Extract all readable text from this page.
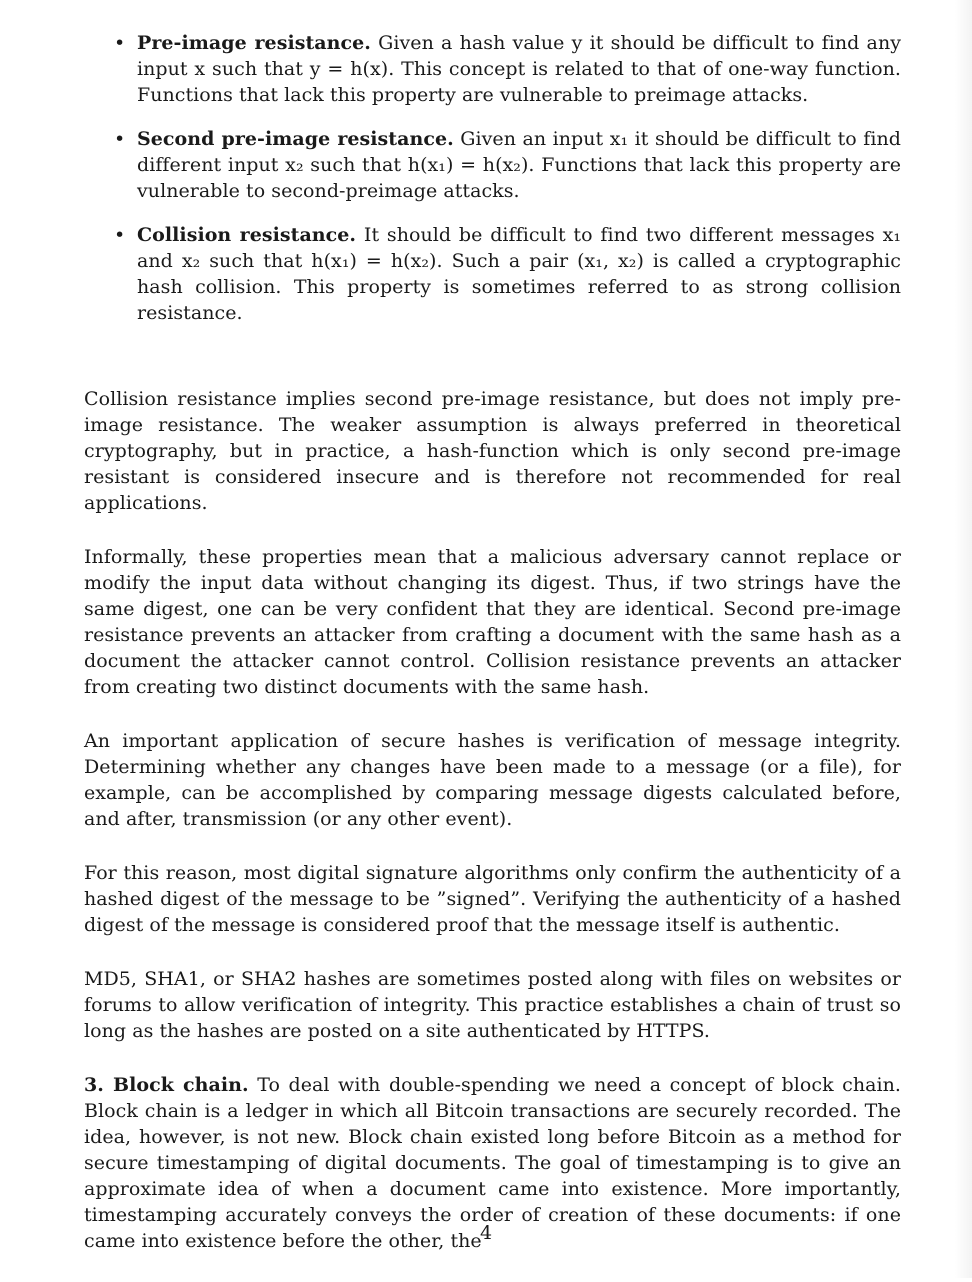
• Pre-image resistance. Given a hash value y it should be difficult to find any input x such that y = h(x). This concept is related to that of one-way function. Functions that lack this property are vulnerable to preimage attacks.
• Second pre-image resistance. Given an input x₁ it should be difficult to find different input x₂ such that h(x₁) = h(x₂). Functions that lack this property are vulnerable to second-preimage attacks.
• Collision resistance. It should be difficult to find two different messages x₁ and x₂ such that h(x₁) = h(x₂). Such a pair (x₁, x₂) is called a cryptographic hash collision. This property is sometimes referred to as strong collision resistance.

Collision resistance implies second pre-image resistance, but does not imply pre-image resistance. The weaker assumption is always preferred in theoretical cryptography, but in practice, a hash-function which is only second pre-image resistant is considered insecure and is therefore not recommended for real applications.

Informally, these properties mean that a malicious adversary cannot replace or modify the input data without changing its digest. Thus, if two strings have the same digest, one can be very confident that they are identical. Second pre-image resistance prevents an attacker from crafting a document with the same hash as a document the attacker cannot control. Collision resistance prevents an attacker from creating two distinct documents with the same hash.

An important application of secure hashes is verification of message integrity. Determining whether any changes have been made to a message (or a file), for example, can be accomplished by comparing message digests calculated before, and after, transmission (or any other event).

For this reason, most digital signature algorithms only confirm the authenticity of a hashed digest of the message to be ”signed”. Verifying the authenticity of a hashed digest of the message is considered proof that the message itself is authentic.

MD5, SHA1, or SHA2 hashes are sometimes posted along with files on websites or forums to allow verification of integrity. This practice establishes a chain of trust so long as the hashes are posted on a site authenticated by HTTPS.

3. Block chain. To deal with double-spending we need a concept of block chain. Block chain is a ledger in which all Bitcoin transactions are securely recorded. The idea, however, is not new. Block chain existed long before Bitcoin as a method for secure timestamping of digital documents. The goal of timestamping is to give an approximate idea of when a document came into existence. More importantly, timestamping accurately conveys the order of creation of these documents: if one came into existence before the other, the

4
